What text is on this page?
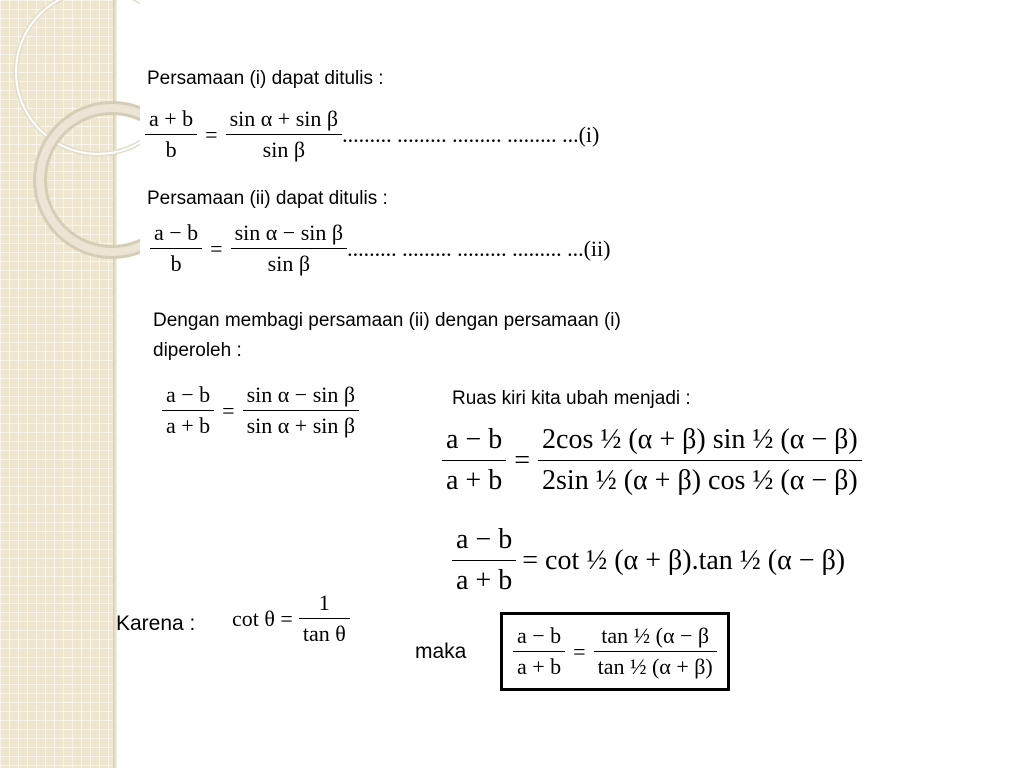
Persamaan (i) dapat ditulis :
$\frac{a + b}{b} = \frac{\text{sin α + sin β}}{\text{sin β}}$ ......... ......... ......... ......... ...(i)
Persamaan (ii) dapat ditulis :
$\frac{a - b}{b} = \frac{\text{sin α − sin β}}{\text{sin β}}$ ......... ......... ......... ......... ...(ii)
Dengan membagi persamaan (ii) dengan persamaan (i)
diperoleh :
$\frac{a - b}{a + b} = \frac{\text{sin α − sin β}}{\text{sin α + sin β}}$	Ruas kiri kita ubah menjadi :
$\frac{a - b}{a + b} = \frac{\text{2cos ½ (α + β) sin ½ (α − β)}}{\text{2sin ½ (α + β) cos ½ (α − β)}}$
$\frac{a - b}{a + b} = \cot$ ½ (α + β).tan ½ (α − β)
Karena : $\cot \theta = \frac{1}{\text{tan θ}}$
maka $\frac{a - b}{a + b} = \frac{\text{tan ½ (α − β}}{\text{tan ½ (α + β)}}$
